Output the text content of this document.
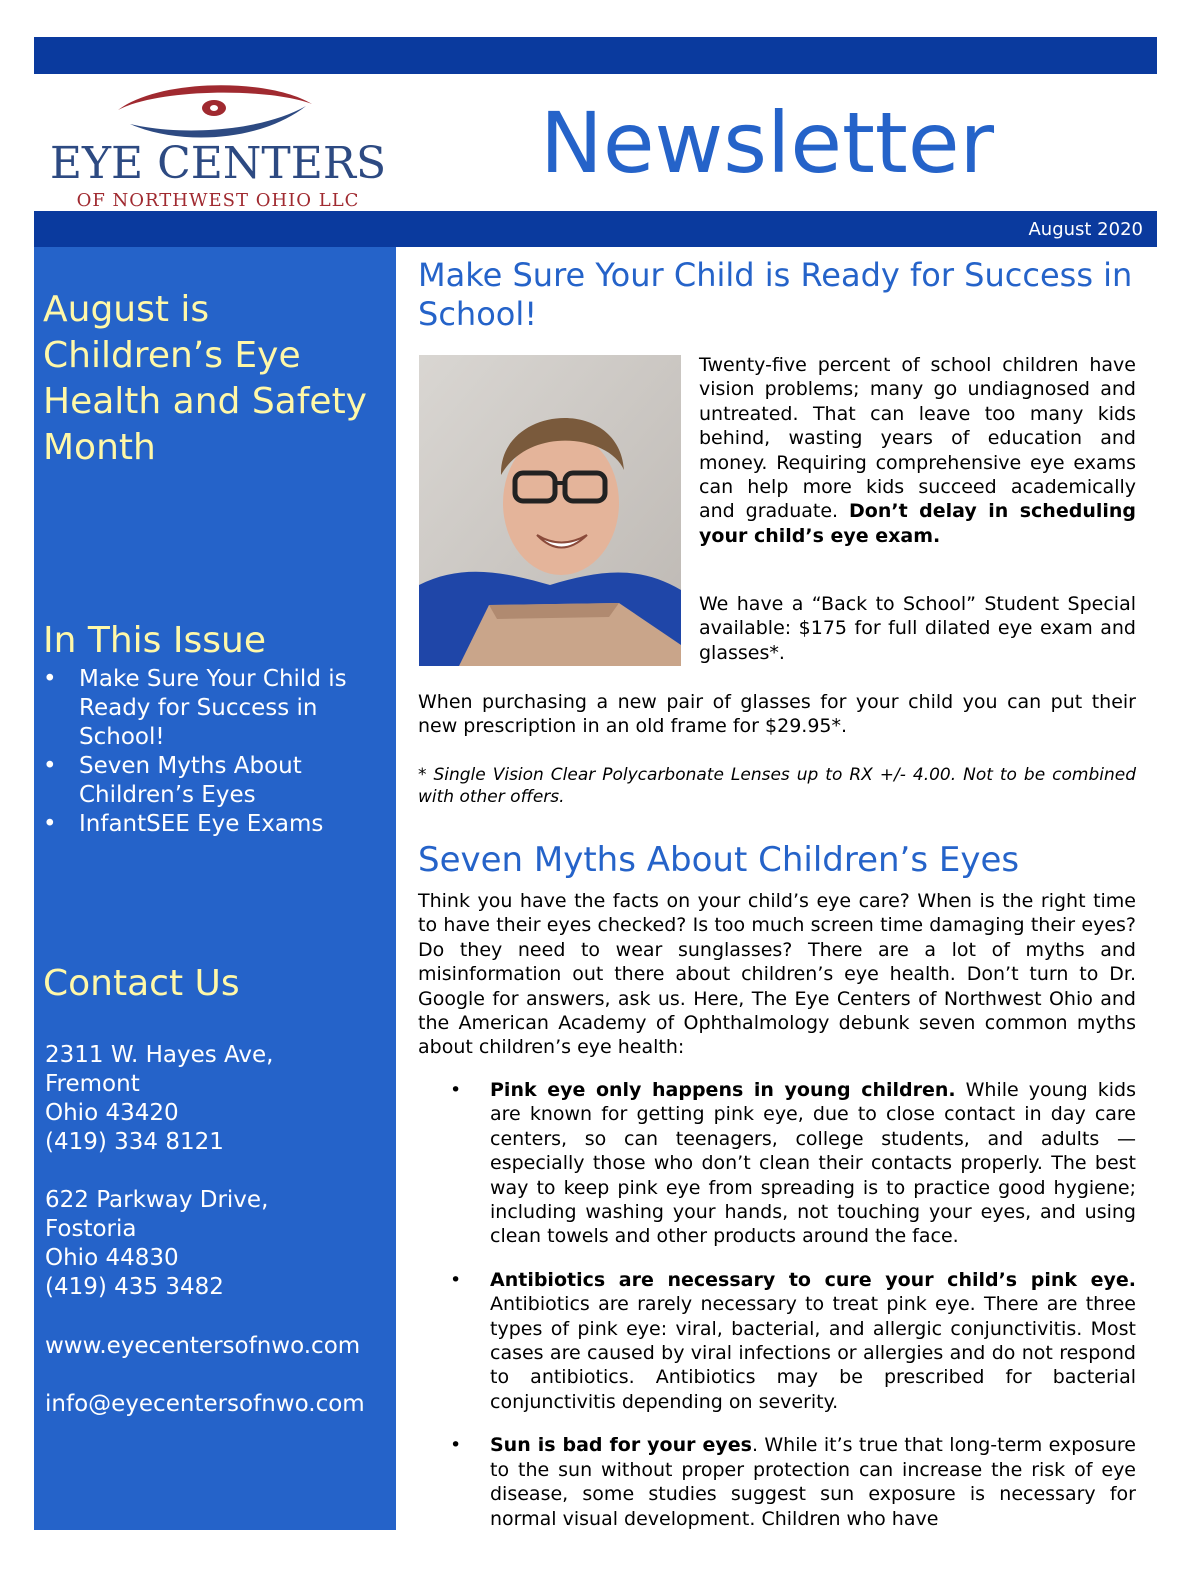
EYE CENTERS
OF NORTHWEST OHIO LLC
Newsletter
August 2020
August is Children’s Eye Health and Safety Month
In This Issue
• Make Sure Your Child is Ready for Success in School!
• Seven Myths About Children’s Eyes
• InfantSEE Eye Exams
Contact Us
2311 W. Hayes Ave,
Fremont
Ohio 43420
(419) 334 8121
622 Parkway Drive,
Fostoria
Ohio 44830
(419) 435 3482
www.eyecentersofnwo.com
info@eyecentersofnwo.com
Make Sure Your Child is Ready for Success in School!
Twenty-five percent of school children have vision problems; many go undiagnosed and untreated. That can leave too many kids behind, wasting years of education and money. Requiring comprehensive eye exams can help more kids succeed academically and graduate. Don’t delay in scheduling your child’s eye exam.
We have a “Back to School” Student Special available: $175 for full dilated eye exam and glasses*.
When purchasing a new pair of glasses for your child you can put their new prescription in an old frame for $29.95*.
* Single Vision Clear Polycarbonate Lenses up to RX +/- 4.00. Not to be combined with other offers.
Seven Myths About Children’s Eyes
Think you have the facts on your child’s eye care? When is the right time to have their eyes checked? Is too much screen time damaging their eyes? Do they need to wear sunglasses? There are a lot of myths and misinformation out there about children’s eye health. Don’t turn to Dr. Google for answers, ask us. Here, The Eye Centers of Northwest Ohio and the American Academy of Ophthalmology debunk seven common myths about children’s eye health:
• Pink eye only happens in young children. While young kids are known for getting pink eye, due to close contact in day care centers, so can teenagers, college students, and adults — especially those who don’t clean their contacts properly. The best way to keep pink eye from spreading is to practice good hygiene; including washing your hands, not touching your eyes, and using clean towels and other products around the face.
• Antibiotics are necessary to cure your child’s pink eye. Antibiotics are rarely necessary to treat pink eye. There are three types of pink eye: viral, bacterial, and allergic conjunctivitis. Most cases are caused by viral infections or allergies and do not respond to antibiotics. Antibiotics may be prescribed for bacterial conjunctivitis depending on severity.
• Sun is bad for your eyes. While it’s true that long-term exposure to the sun without proper protection can increase the risk of eye disease, some studies suggest sun exposure is necessary for normal visual development. Children who have
